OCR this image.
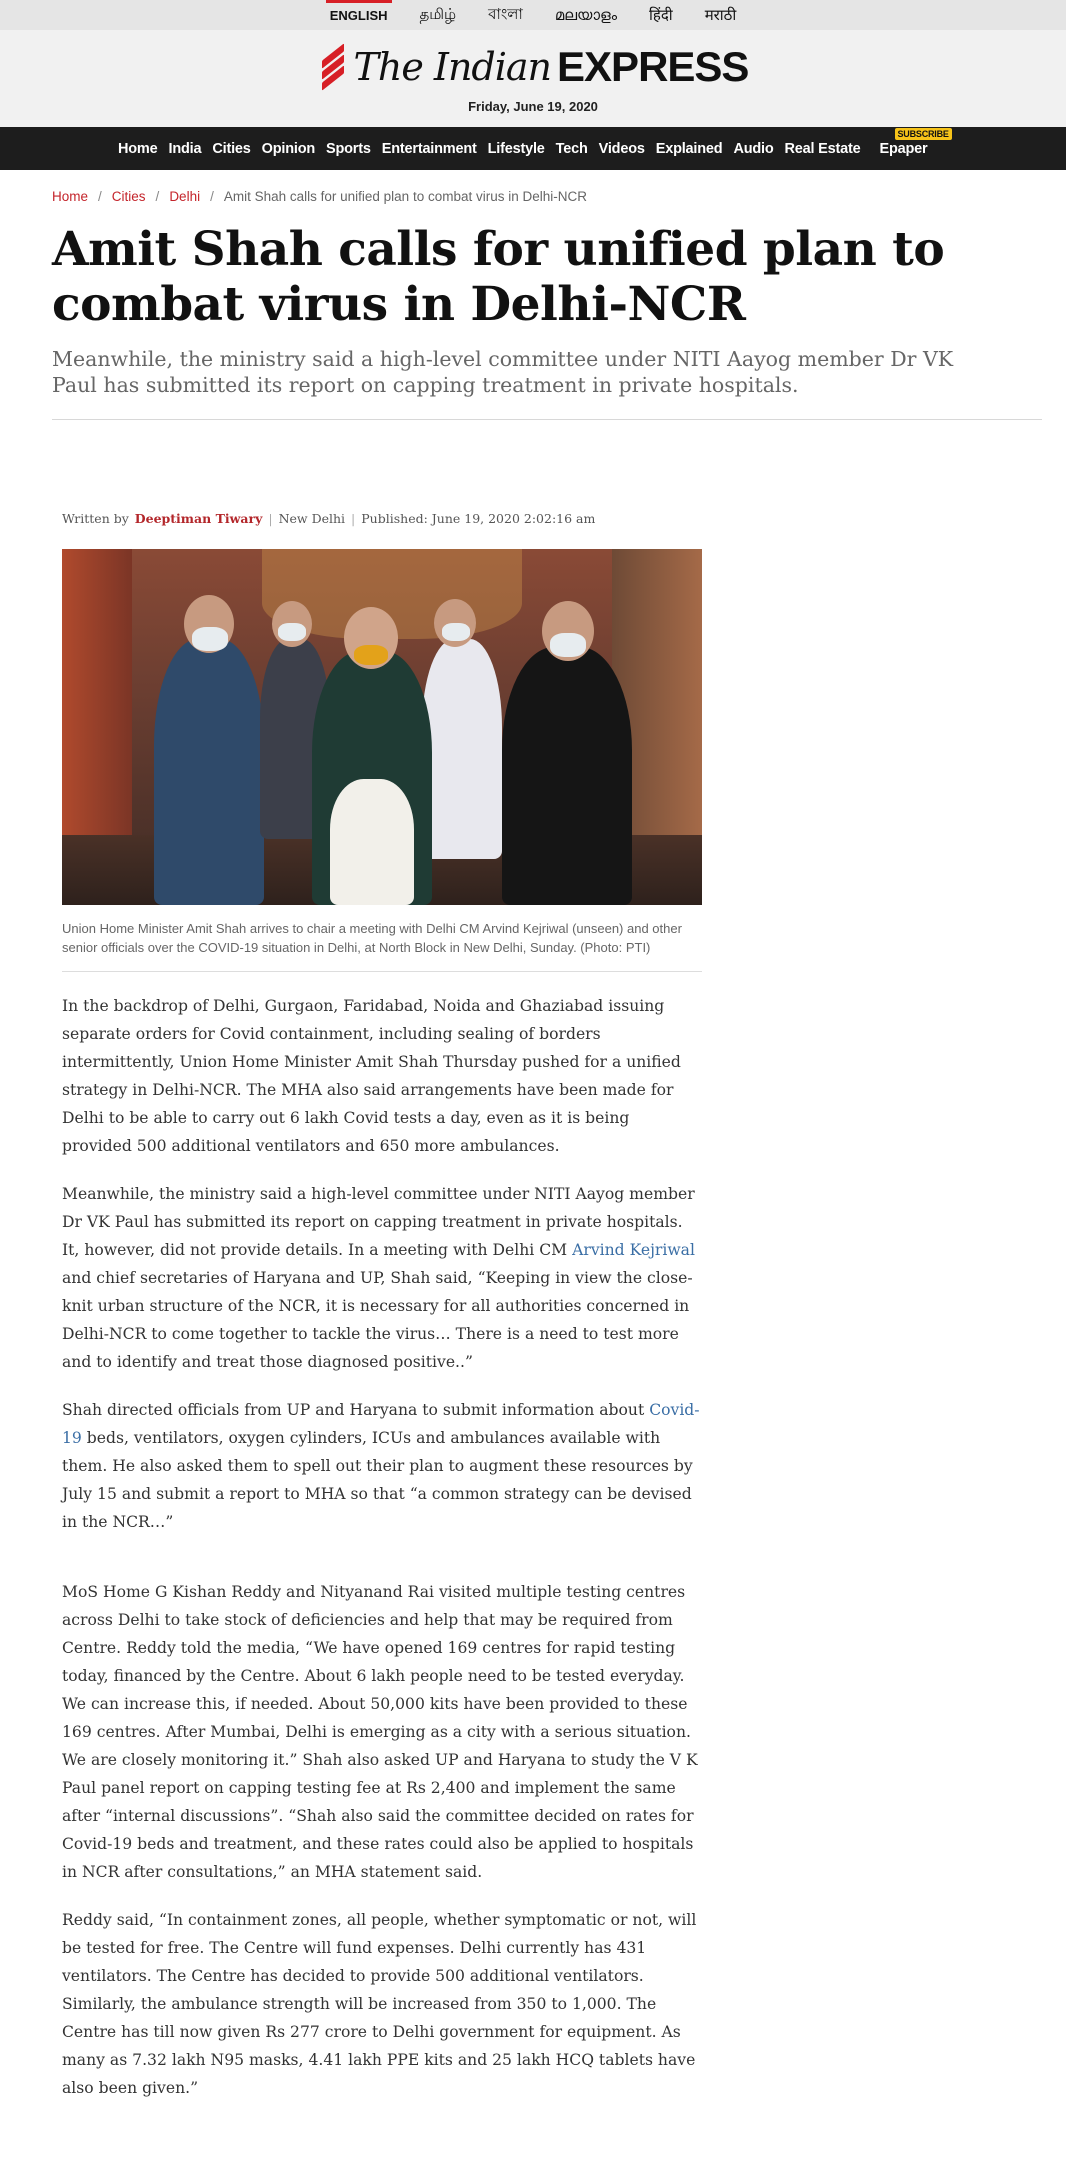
ENGLISH தமிழ் বাংলা മലയാളം हिंदी मराठी
The Indian EXPRESS
Friday, June 19, 2020
Home India Cities Opinion Sports Entertainment Lifestyle Tech Videos Explained Audio Real Estate
SUBSCRIBE
Epaper
Home / Cities / Delhi / Amit Shah calls for unified plan to combat virus in Delhi-NCR
Amit Shah calls for unified plan to combat virus in Delhi-NCR

Meanwhile, the ministry said a high-level committee under NITI Aayog member Dr VK Paul has submitted its report on capping treatment in private hospitals.

Written by Deeptiman Tiwary | New Delhi | Published: June 19, 2020 2:02:16 am
Union Home Minister Amit Shah arrives to chair a meeting with Delhi CM Arvind Kejriwal (unseen) and other senior officials over the COVID-19 situation in Delhi, at North Block in New Delhi, Sunday. (Photo: PTI)

In the backdrop of Delhi, Gurgaon, Faridabad, Noida and Ghaziabad issuing separate orders for Covid containment, including sealing of borders intermittently, Union Home Minister Amit Shah Thursday pushed for a unified strategy in Delhi-NCR. The MHA also said arrangements have been made for Delhi to be able to carry out 6 lakh Covid tests a day, even as it is being provided 500 additional ventilators and 650 more ambulances.

Meanwhile, the ministry said a high-level committee under NITI Aayog member Dr VK Paul has submitted its report on capping treatment in private hospitals. It, however, did not provide details. In a meeting with Delhi CM Arvind Kejriwal and chief secretaries of Haryana and UP, Shah said, “Keeping in view the close-knit urban structure of the NCR, it is necessary for all authorities concerned in Delhi-NCR to come together to tackle the virus… There is a need to test more and to identify and treat those diagnosed positive..”

Shah directed officials from UP and Haryana to submit information about Covid-19 beds, ventilators, oxygen cylinders, ICUs and ambulances available with them. He also asked them to spell out their plan to augment these resources by July 15 and submit a report to MHA so that “a common strategy can be devised in the NCR…”

MoS Home G Kishan Reddy and Nityanand Rai visited multiple testing centres across Delhi to take stock of deficiencies and help that may be required from Centre. Reddy told the media, “We have opened 169 centres for rapid testing today, financed by the Centre. About 6 lakh people need to be tested everyday. We can increase this, if needed. About 50,000 kits have been provided to these 169 centres. After Mumbai, Delhi is emerging as a city with a serious situation. We are closely monitoring it.” Shah also asked UP and Haryana to study the V K Paul panel report on capping testing fee at Rs 2,400 and implement the same after “internal discussions”. “Shah also said the committee decided on rates for Covid-19 beds and treatment, and these rates could also be applied to hospitals in NCR after consultations,” an MHA statement said.

Reddy said, “In containment zones, all people, whether symptomatic or not, will be tested for free. The Centre will fund expenses. Delhi currently has 431 ventilators. The Centre has decided to provide 500 additional ventilators. Similarly, the ambulance strength will be increased from 350 to 1,000. The Centre has till now given Rs 277 crore to Delhi government for equipment. As many as 7.32 lakh N95 masks, 4.41 lakh PPE kits and 25 lakh HCQ tablets have also been given.”
